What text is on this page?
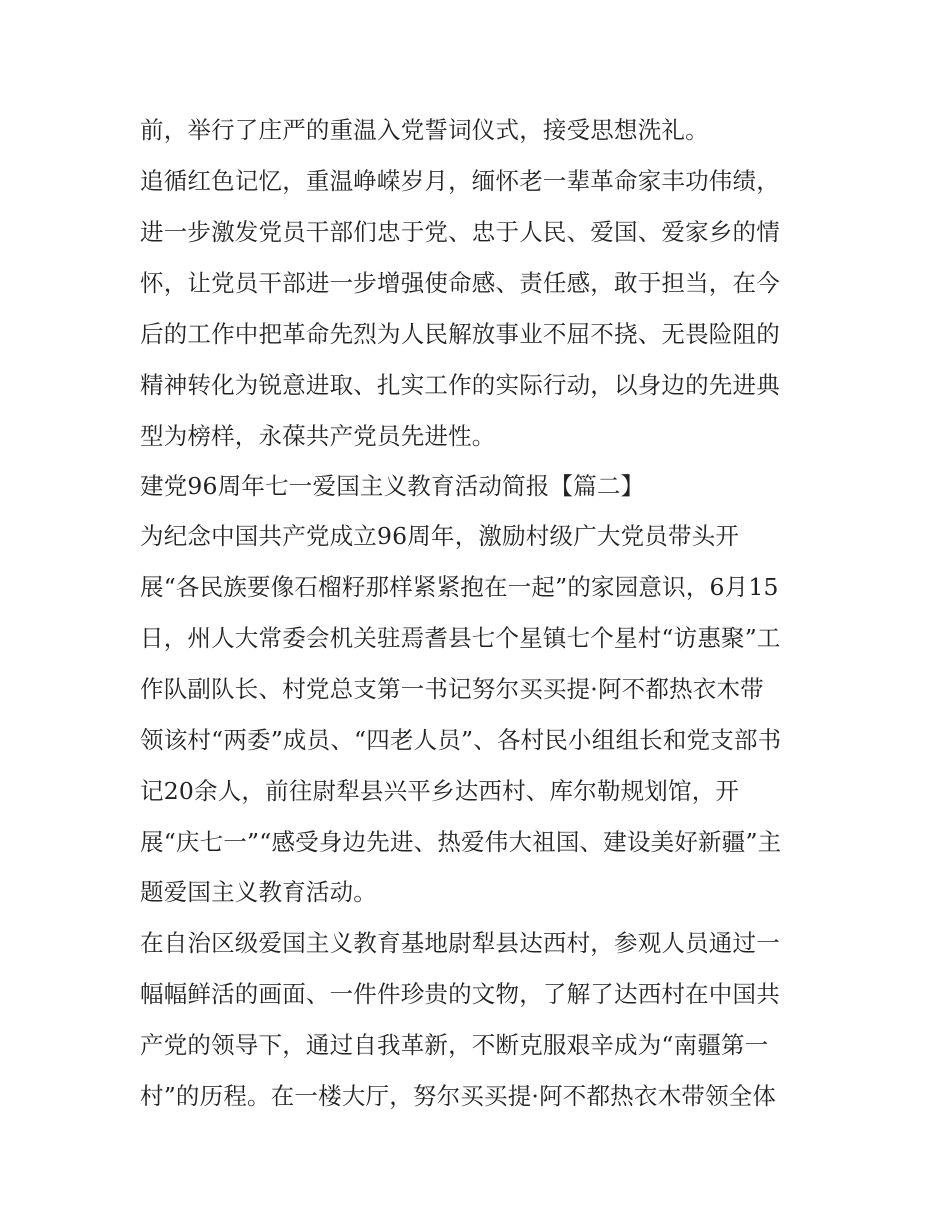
前，举行了庄严的重温入党誓词仪式，接受思想洗礼。

追循红色记忆，重温峥嵘岁月，缅怀老一辈革命家丰功伟绩，

进一步激发党员干部们忠于党、忠于人民、爱国、爱家乡的情

怀，让党员干部进一步增强使命感、责任感，敢于担当，在今

后的工作中把革命先烈为人民解放事业不屈不挠、无畏险阻的

精神转化为锐意进取、扎实工作的实际行动，以身边的先进典

型为榜样，永葆共产党员先进性。

建党96周年七一爱国主义教育活动简报【篇二】

为纪念中国共产党成立96周年，激励村级广大党员带头开

展“各民族要像石榴籽那样紧紧抱在一起”的家园意识，6月15

日，州人大常委会机关驻焉耆县七个星镇七个星村“访惠聚”工

作队副队长、村党总支第一书记努尔买买提·阿不都热衣木带

领该村“两委”成员、“四老人员”、各村民小组组长和党支部书

记20余人，前往尉犁县兴平乡达西村、库尔勒规划馆，开

展“庆七一”“感受身边先进、热爱伟大祖国、建设美好新疆”主

题爱国主义教育活动。

在自治区级爱国主义教育基地尉犁县达西村，参观人员通过一

幅幅鲜活的画面、一件件珍贵的文物，了解了达西村在中国共

产党的领导下，通过自我革新，不断克服艰辛成为“南疆第一

村”的历程。在一楼大厅，努尔买买提·阿不都热衣木带领全体
